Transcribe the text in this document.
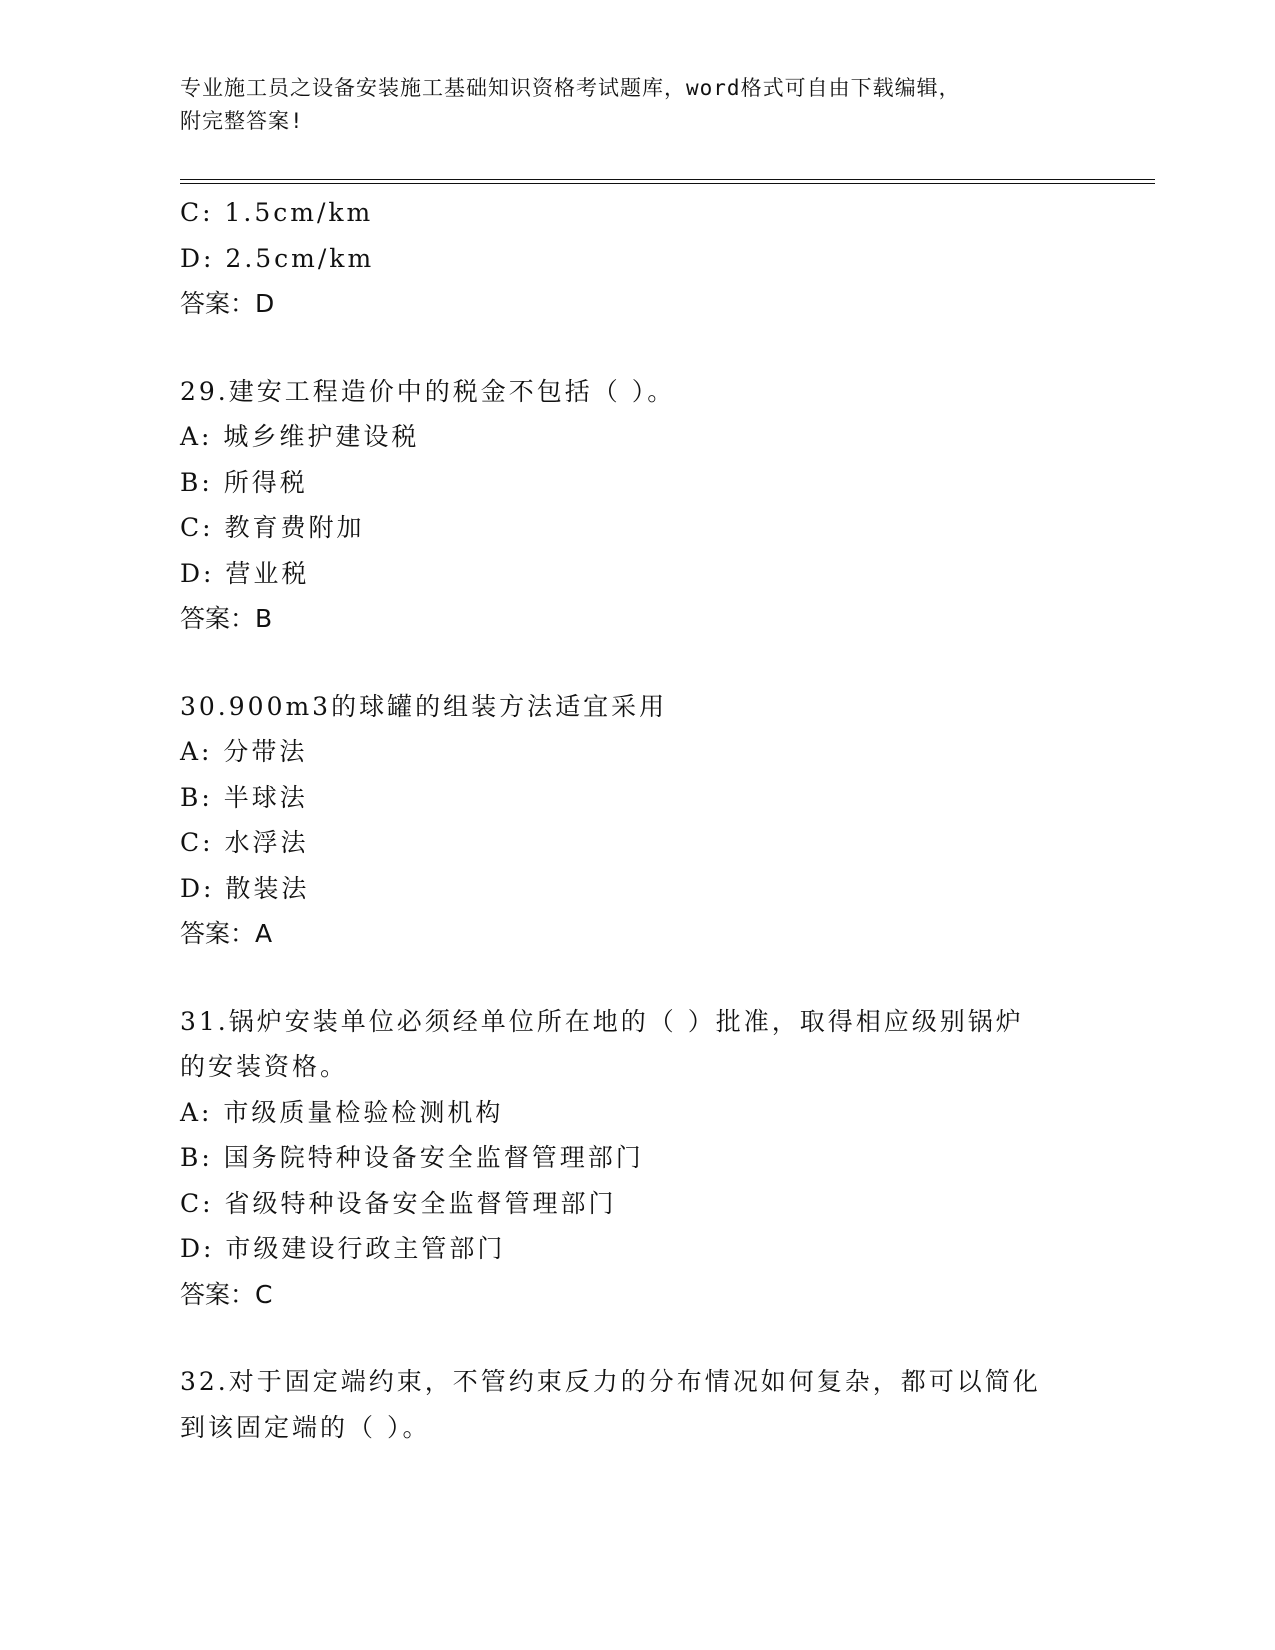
专业施工员之设备安装施工基础知识资格考试题库，word格式可自由下载编辑，
附完整答案!
C: 1.5cm/km
D: 2.5cm/km
答案：D
29.建安工程造价中的税金不包括（ ）。
A: 城乡维护建设税
B: 所得税
C: 教育费附加
D: 营业税
答案：B
30.900m3的球罐的组装方法适宜采用
A: 分带法
B: 半球法
C: 水浮法
D: 散装法
答案：A
31.锅炉安装单位必须经单位所在地的（ ）批准，取得相应级别锅炉
的安装资格。
A: 市级质量检验检测机构
B: 国务院特种设备安全监督管理部门
C: 省级特种设备安全监督管理部门
D: 市级建设行政主管部门
答案：C
32.对于固定端约束，不管约束反力的分布情况如何复杂，都可以简化
到该固定端的（ ）。
